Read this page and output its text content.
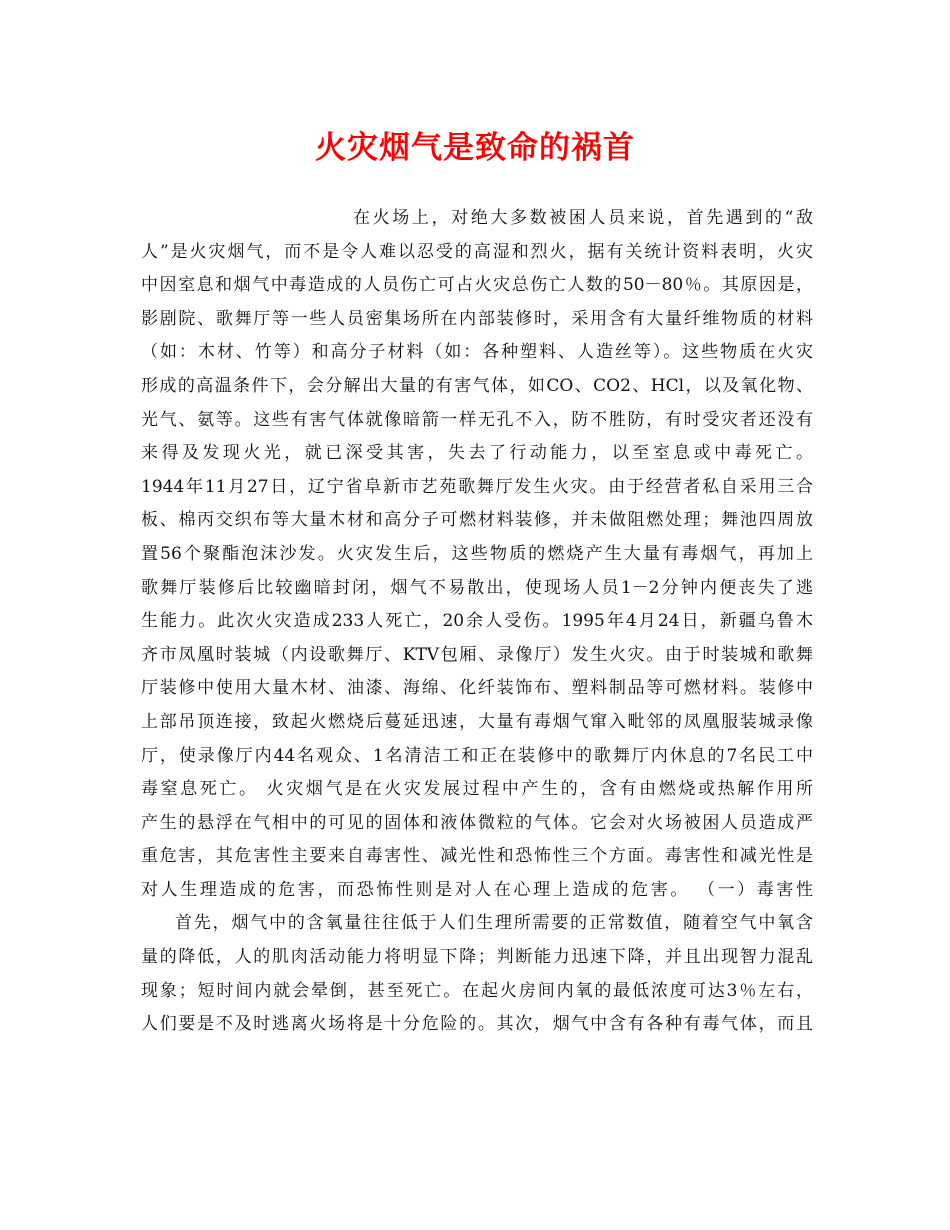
火灾烟气是致命的祸首
在火场上，对绝大多数被困人员来说，首先遇到的“敌
人”是火灾烟气，而不是令人难以忍受的高湿和烈火，据有关统计资料表明，火灾
中因室息和烟气中毒造成的人员伤亡可占火灾总伤亡人数的50－80％。其原因是，
影剧院、歌舞厅等一些人员密集场所在内部装修时，采用含有大量纤维物质的材料
（如：木材、竹等）和高分子材料（如：各种塑料、人造丝等）。这些物质在火灾
形成的高温条件下，会分解出大量的有害气体，如CO、CO2、HCl，以及氧化物、
光气、氨等。这些有害气体就像暗箭一样无孔不入，防不胜防，有时受灾者还没有
来得及发现火光，就已深受其害，失去了行动能力，以至室息或中毒死亡。
1944年11月27日，辽宁省阜新市艺苑歌舞厅发生火灾。由于经营者私自采用三合
板、棉丙交织布等大量木材和高分子可燃材料装修，并未做阻燃处理；舞池四周放
置56个聚酯泡沫沙发。火灾发生后，这些物质的燃烧产生大量有毒烟气，再加上
歌舞厅装修后比较幽暗封闭，烟气不易散出，使现场人员1－2分钟内便丧失了逃
生能力。此次火灾造成233人死亡，20余人受伤。1995年4月24日，新疆乌鲁木
齐市凤凰时装城（内设歌舞厅、KTV包厢、录像厅）发生火灾。由于时装城和歌舞
厅装修中使用大量木材、油漆、海绵、化纤装饰布、塑料制品等可燃材料。装修中
上部吊顶连接，致起火燃烧后蔓延迅速，大量有毒烟气窜入毗邻的凤凰服装城录像
厅，使录像厅内44名观众、1名清洁工和正在装修中的歌舞厅内休息的7名民工中
毒窒息死亡。 火灾烟气是在火灾发展过程中产生的，含有由燃烧或热解作用所
产生的悬浮在气相中的可见的固体和液体微粒的气体。它会对火场被困人员造成严
重危害，其危害性主要来自毒害性、减光性和恐怖性三个方面。毒害性和减光性是
对人生理造成的危害，而恐怖性则是对人在心理上造成的危害。 （一）毒害性
首先，烟气中的含氧量往往低于人们生理所需要的正常数值，随着空气中氧含
量的降低，人的肌肉活动能力将明显下降；判断能力迅速下降，并且出现智力混乱
现象；短时间内就会晕倒，甚至死亡。在起火房间内氧的最低浓度可达3％左右，
人们要是不及时逃离火场将是十分危险的。其次，烟气中含有各种有毒气体，而且
